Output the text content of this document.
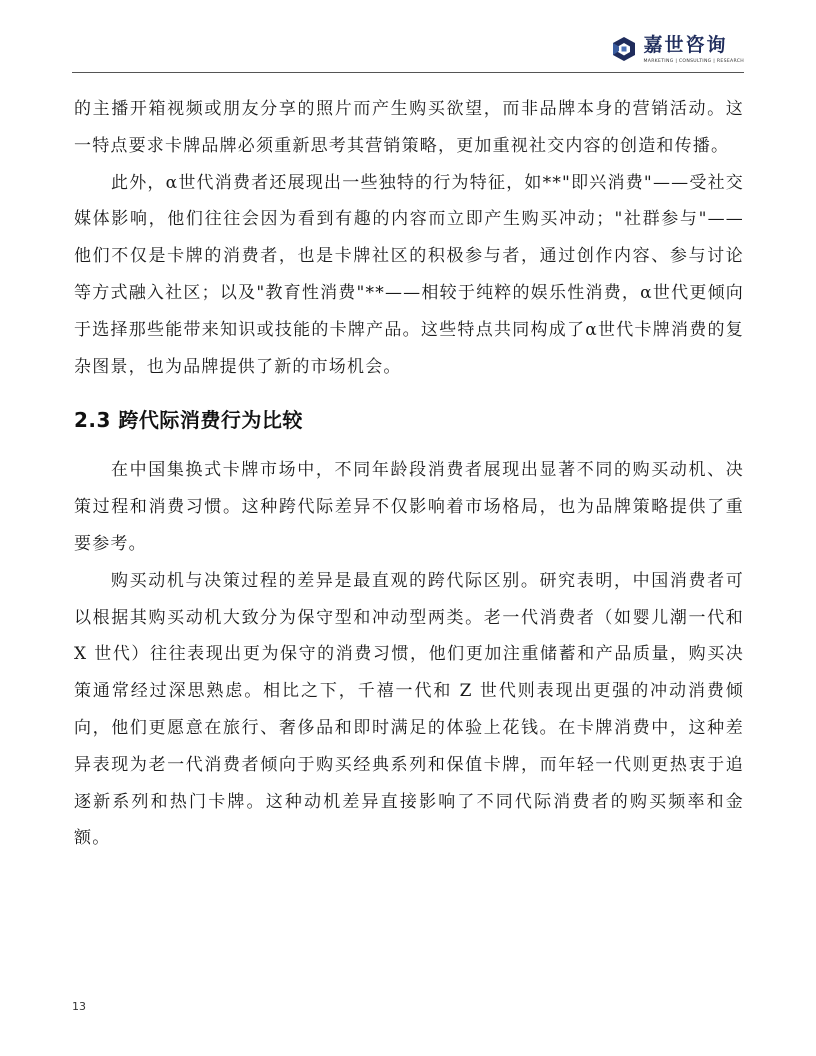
嘉世咨询
MARKETING | CONSULTING | RESEARCH

的主播开箱视频或朋友分享的照片而产生购买欲望，而非品牌本身的营销活动。这一特点要求卡牌品牌必须重新思考其营销策略，更加重视社交内容的创造和传播。

此外，α世代消费者还展现出一些独特的行为特征，如**"即兴消费"——受社交媒体影响，他们往往会因为看到有趣的内容而立即产生购买冲动；"社群参与"——他们不仅是卡牌的消费者，也是卡牌社区的积极参与者，通过创作内容、参与讨论等方式融入社区；以及"教育性消费"**——相较于纯粹的娱乐性消费，α世代更倾向于选择那些能带来知识或技能的卡牌产品。这些特点共同构成了α世代卡牌消费的复杂图景，也为品牌提供了新的市场机会。

2.3 跨代际消费行为比较

在中国集换式卡牌市场中，不同年龄段消费者展现出显著不同的购买动机、决策过程和消费习惯。这种跨代际差异不仅影响着市场格局，也为品牌策略提供了重要参考。

购买动机与决策过程的差异是最直观的跨代际区别。研究表明，中国消费者可以根据其购买动机大致分为保守型和冲动型两类。老一代消费者（如婴儿潮一代和 X 世代）往往表现出更为保守的消费习惯，他们更加注重储蓄和产品质量，购买决策通常经过深思熟虑。相比之下，千禧一代和 Z 世代则表现出更强的冲动消费倾向，他们更愿意在旅行、奢侈品和即时满足的体验上花钱。在卡牌消费中，这种差异表现为老一代消费者倾向于购买经典系列和保值卡牌，而年轻一代则更热衷于追逐新系列和热门卡牌。这种动机差异直接影响了不同代际消费者的购买频率和金额。

13
